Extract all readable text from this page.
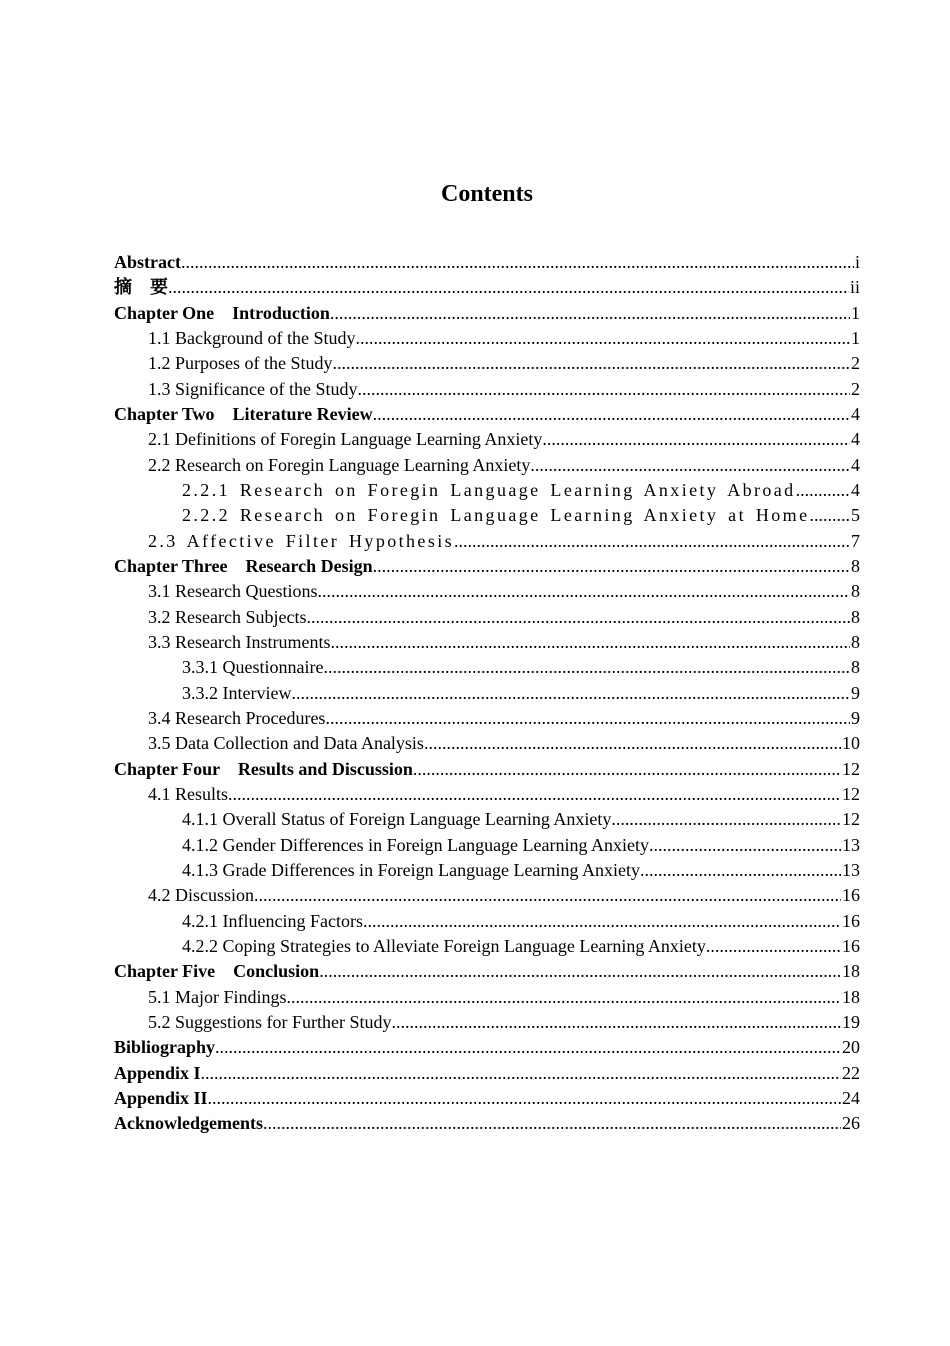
Contents
Abstract .....	i
摘　要 .....	ii
Chapter One　Introduction .....	1
1.1 Background of the Study .....	1
1.2 Purposes of the Study .....	2
1.3 Significance of the Study .....	2
Chapter Two　Literature Review .....	4
2.1 Definitions of Foregin Language Learning Anxiety .....	4
2.2 Research on Foregin Language Learning Anxiety .....	4
2.2.1 Research on Foregin Language Learning Anxiety Abroad .....	4
2.2.2 Research on Foregin Language Learning Anxiety at Home ..... 5
2.3 Affective Filter Hypothesis .....	7
Chapter Three　Research Design .....	8
3.1 Research Questions .....	8
3.2 Research Subjects .....	8
3.3 Research Instruments .....	8
3.3.1 Questionnaire .....	8
3.3.2 Interview .....	9
3.4 Research Procedures .....	9
3.5 Data Collection and Data Analysis .....	10
Chapter Four　Results and Discussion .....	12
4.1 Results .....	12
4.1.1 Overall Status of Foreign Language Learning Anxiety .....	12
4.1.2 Gender Differences in Foreign Language Learning Anxiety .....	13
4.1.3 Grade Differences in Foreign Language Learning Anxiety .....	13
4.2 Discussion .....	16
4.2.1 Influencing Factors .....	16
4.2.2 Coping Strategies to Alleviate Foreign Language Learning Anxiety .....	16
Chapter Five　Conclusion .....	18
5.1 Major Findings .....	18
5.2 Suggestions for Further Study .....	19
Bibliography .....	20
Appendix I .....	22
Appendix II .....	24
Acknowledgements .....	26
